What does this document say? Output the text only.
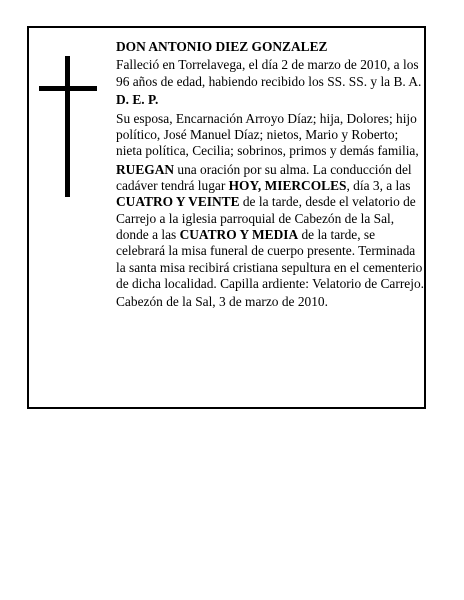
DON ANTONIO DIEZ GONZALEZ

Falleció en Torrelavega, el día 2 de marzo de 2010, a los 96 años de edad, habiendo recibido los SS. SS. y la B. A.

D. E. P.

Su esposa, Encarnación Arroyo Díaz; hija, Dolores; hijo político, José Manuel Díaz; nietos, Mario y Roberto; nieta política, Cecilia; sobrinos, primos y demás familia,

RUEGAN una oración por su alma. La conducción del cadáver tendrá lugar HOY, MIERCOLES, día 3, a las CUATRO Y VEINTE de la tarde, desde el velatorio de Carrejo a la iglesia parroquial de Cabezón de la Sal, donde a las CUATRO Y MEDIA de la tarde, se celebrará la misa funeral de cuerpo presente. Terminada la santa misa recibirá cristiana sepultura en el cementerio de dicha localidad. Capilla ardiente: Velatorio de Carrejo.

Cabezón de la Sal, 3 de marzo de 2010.
